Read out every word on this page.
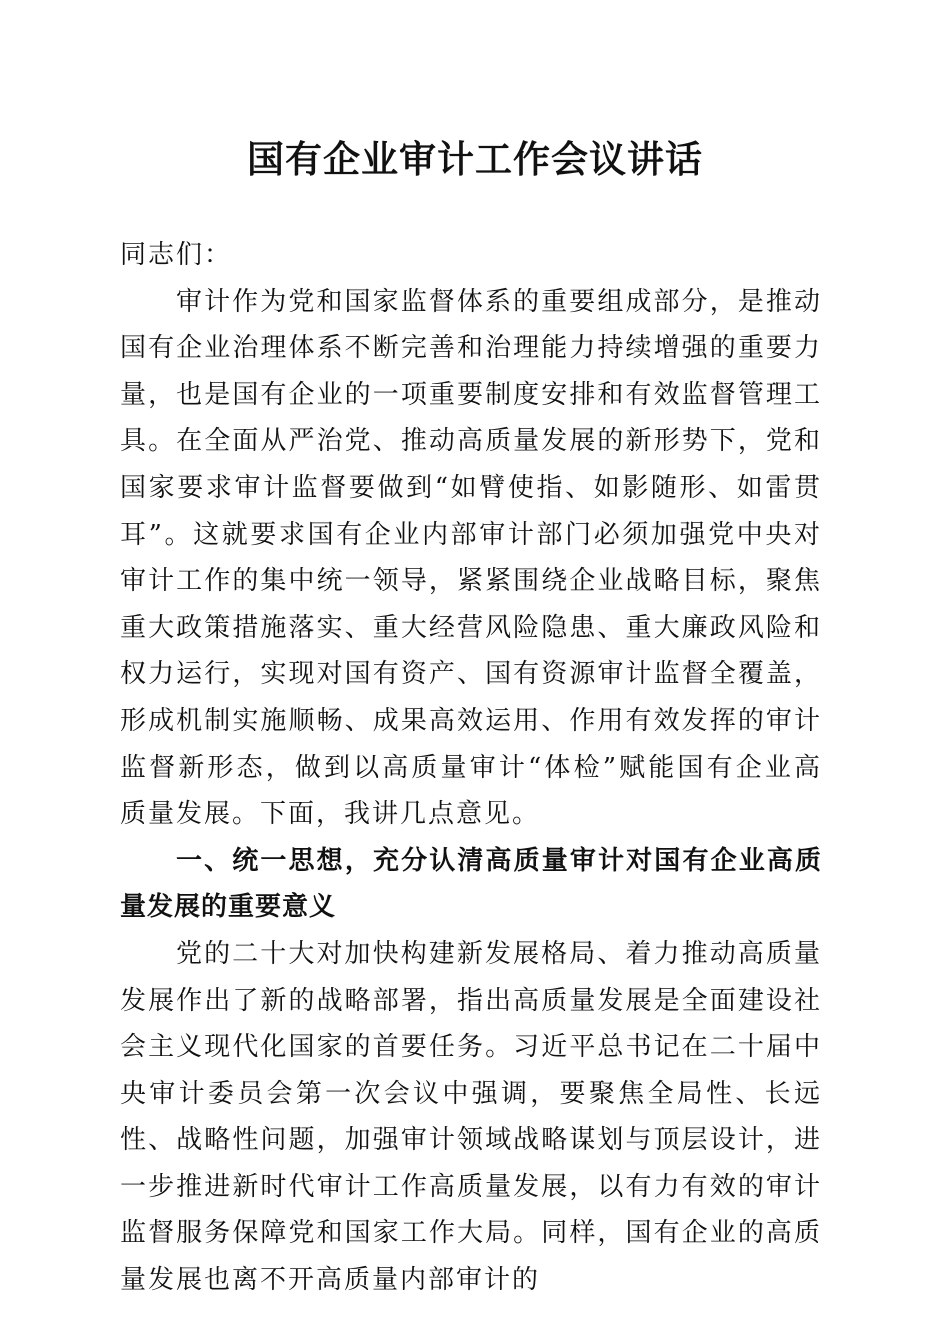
国有企业审计工作会议讲话

同志们：

审计作为党和国家监督体系的重要组成部分，是推动国有企业治理体系不断完善和治理能力持续增强的重要力量，也是国有企业的一项重要制度安排和有效监督管理工具。在全面从严治党、推动高质量发展的新形势下，党和国家要求审计监督要做到“如臂使指、如影随形、如雷贯耳”。这就要求国有企业内部审计部门必须加强党中央对审计工作的集中统一领导，紧紧围绕企业战略目标，聚焦重大政策措施落实、重大经营风险隐患、重大廉政风险和权力运行，实现对国有资产、国有资源审计监督全覆盖，形成机制实施顺畅、成果高效运用、作用有效发挥的审计监督新形态，做到以高质量审计“体检”赋能国有企业高质量发展。下面，我讲几点意见。

一、统一思想，充分认清高质量审计对国有企业高质量发展的重要意义

党的二十大对加快构建新发展格局、着力推动高质量发展作出了新的战略部署，指出高质量发展是全面建设社会主义现代化国家的首要任务。习近平总书记在二十届中央审计委员会第一次会议中强调，要聚焦全局性、长远性、战略性问题，加强审计领域战略谋划与顶层设计，进一步推进新时代审计工作高质量发展，以有力有效的审计监督服务保障党和国家工作大局。同样，国有企业的高质量发展也离不开高质量内部审计的
